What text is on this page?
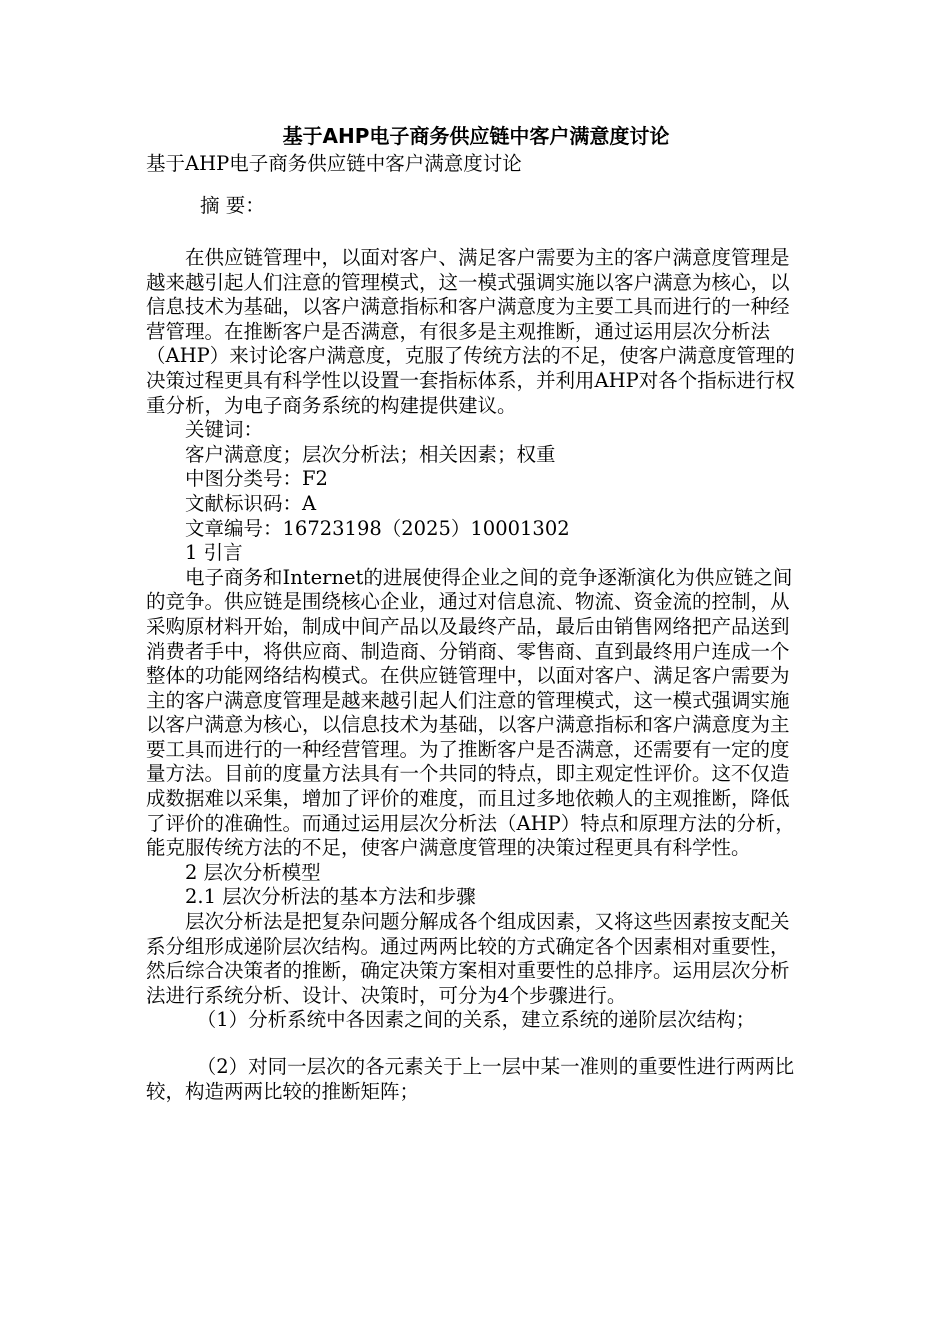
基于AHP电子商务供应链中客户满意度讨论

基于AHP电子商务供应链中客户满意度讨论

摘 要：

在供应链管理中，以面对客户、满足客户需要为主的客户满意度管理是越来越引起人们注意的管理模式，这一模式强调实施以客户满意为核心，以信息技术为基础，以客户满意指标和客户满意度为主要工具而进行的一种经营管理。在推断客户是否满意，有很多是主观推断，通过运用层次分析法（AHP）来讨论客户满意度，克服了传统方法的不足，使客户满意度管理的决策过程更具有科学性以设置一套指标体系，并利用AHP对各个指标进行权重分析，为电子商务系统的构建提供建议。

关键词：

客户满意度；层次分析法；相关因素；权重

中图分类号：F2

文献标识码：A

文章编号：16723198（2025）10001302

1 引言

电子商务和Internet的进展使得企业之间的竞争逐渐演化为供应链之间的竞争。供应链是围绕核心企业，通过对信息流、物流、资金流的控制，从采购原材料开始，制成中间产品以及最终产品，最后由销售网络把产品送到消费者手中，将供应商、制造商、分销商、零售商、直到最终用户连成一个整体的功能网络结构模式。在供应链管理中，以面对客户、满足客户需要为主的客户满意度管理是越来越引起人们注意的管理模式，这一模式强调实施以客户满意为核心，以信息技术为基础，以客户满意指标和客户满意度为主要工具而进行的一种经营管理。为了推断客户是否满意，还需要有一定的度量方法。目前的度量方法具有一个共同的特点，即主观定性评价。这不仅造成数据难以采集，增加了评价的难度，而且过多地依赖人的主观推断，降低了评价的准确性。而通过运用层次分析法（AHP）特点和原理方法的分析，能克服传统方法的不足，使客户满意度管理的决策过程更具有科学性。

2 层次分析模型

2.1 层次分析法的基本方法和步骤

层次分析法是把复杂问题分解成各个组成因素，又将这些因素按支配关系分组形成递阶层次结构。通过两两比较的方式确定各个因素相对重要性，然后综合决策者的推断，确定决策方案相对重要性的总排序。运用层次分析法进行系统分析、设计、决策时，可分为4个步骤进行。

（1）分析系统中各因素之间的关系，建立系统的递阶层次结构；

（2）对同一层次的各元素关于上一层中某一准则的重要性进行两两比较，构造两两比较的推断矩阵；
